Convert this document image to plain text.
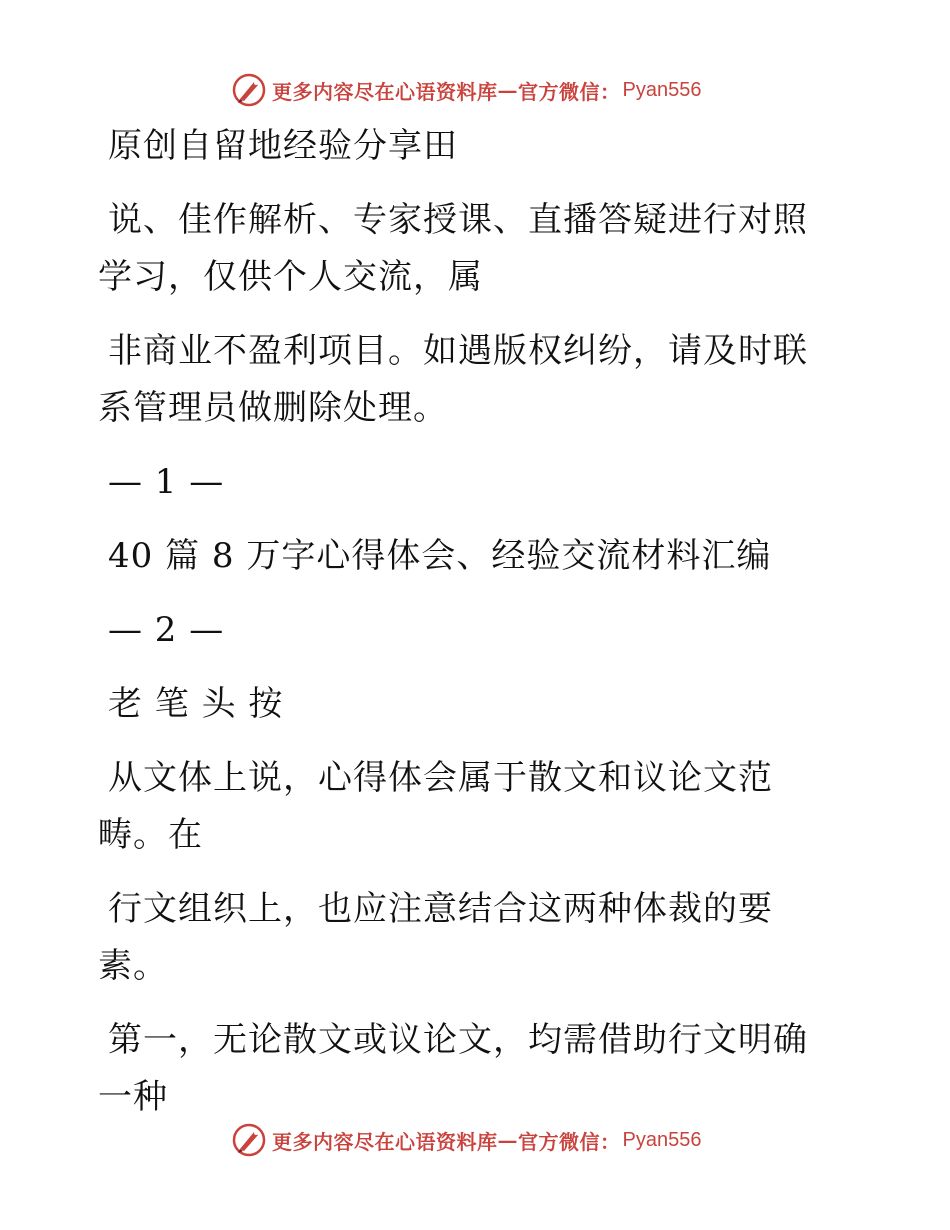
更多内容尽在心语资料库 — 官方微信： Pyan556

原创自留地经验分享田

说、佳作解析、专家授课、直播答疑进行对照学习，仅供个人交流，属

非商业不盈利项目。如遇版权纠纷，请及时联系管理员做删除处理。

— 1 —

40 篇 8 万字心得体会、经验交流材料汇编

— 2 —

老 笔 头 按

从文体上说，心得体会属于散文和议论文范畴。在

行文组织上，也应注意结合这两种体裁的要素。

第一，无论散文或议论文，均需借助行文明确一种

更多内容尽在心语资料库 — 官方微信： Pyan556
